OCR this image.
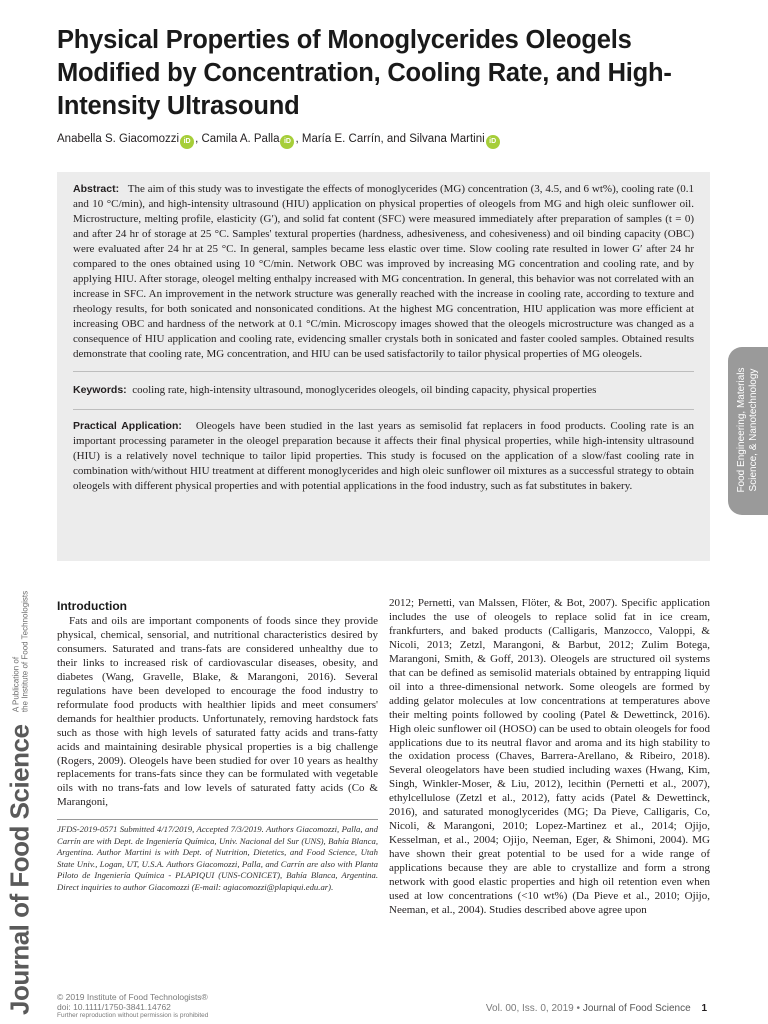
Physical Properties of Monoglycerides Oleogels Modified by Concentration, Cooling Rate, and High-Intensity Ultrasound
Anabella S. Giacomozzi iD , Camila A. Palla iD , María E. Carrín, and Silvana Martini iD

Abstract: The aim of this study was to investigate the effects of monoglycerides (MG) concentration (3, 4.5, and 6 wt%), cooling rate (0.1 and 10 °C/min), and high-intensity ultrasound (HIU) application on physical properties of oleogels from MG and high oleic sunflower oil. Microstructure, melting profile, elasticity (G′), and solid fat content (SFC) were measured immediately after preparation of samples (t = 0) and after 24 hr of storage at 25 °C. Samples' textural properties (hardness, adhesiveness, and cohesiveness) and oil binding capacity (OBC) were evaluated after 24 hr at 25 °C. In general, samples became less elastic over time. Slow cooling rate resulted in lower G′ after 24 hr compared to the ones obtained using 10 °C/min. Network OBC was improved by increasing MG concentration and cooling rate, and by applying HIU. After storage, oleogel melting enthalpy increased with MG concentration. In general, this behavior was not correlated with an increase in SFC. An improvement in the network structure was generally reached with the increase in cooling rate, according to texture and rheology results, for both sonicated and nonsonicated conditions. At the highest MG concentration, HIU application was more efficient at increasing OBC and hardness of the network at 0.1 °C/min. Microscopy images showed that the oleogels microstructure was changed as a consequence of HIU application and cooling rate, evidencing smaller crystals both in sonicated and faster cooled samples. Obtained results demonstrate that cooling rate, MG concentration, and HIU can be used satisfactorily to tailor physical properties of MG oleogels.

Keywords: cooling rate, high-intensity ultrasound, monoglycerides oleogels, oil binding capacity, physical properties

Practical Application: Oleogels have been studied in the last years as semisolid fat replacers in food products. Cooling rate is an important processing parameter in the oleogel preparation because it affects their final physical properties, while high-intensity ultrasound (HIU) is a relatively novel technique to tailor lipid properties. This study is focused on the application of a slow/fast cooling rate in combination with/without HIU treatment at different monoglycerides and high oleic sunflower oil mixtures as a successful strategy to obtain oleogels with different physical properties and with potential applications in the food industry, such as fat substitutes in bakery.	Food Engineering, Materials Science, & Nanotechnology
Journal of Food Science A Publication of
the Institute of Food Technologists	Introduction

Fats and oils are important components of foods since they provide physical, chemical, sensorial, and nutritional characteristics desired by consumers. Saturated and trans-fats are considered unhealthy due to their links to increased risk of cardiovascular diseases, obesity, and diabetes (Wang, Gravelle, Blake, & Marangoni, 2016). Several regulations have been developed to encourage the food industry to reformulate food products with healthier lipids and meet consumers' demands for healthier products. Unfortunately, removing hardstock fats such as those with high levels of saturated fatty acids and trans-fatty acids and maintaining desirable physical properties is a big challenge (Rogers, 2009). Oleogels have been studied for over 10 years as healthy replacements for trans-fats since they can be formulated with vegetable oils with no trans-fats and low levels of saturated fatty acids (Co & Marangoni,

JFDS-2019-0571 Submitted 4/17/2019, Accepted 7/3/2019. Authors Giacomozzi, Palla, and Carrín are with Dept. de Ingeniería Química, Univ. Nacional del Sur (UNS), Bahía Blanca, Argentina. Author Martini is with Dept. of Nutrition, Dietetics, and Food Science, Utah State Univ., Logan, UT, U.S.A. Authors Giacomozzi, Palla, and Carrín are also with Planta Piloto de Ingeniería Química - PLAPIQUI (UNS-CONICET), Bahía Blanca, Argentina. Direct inquiries to author Giacomozzi (E-mail: agiacomozzi@plapiqui.edu.ar).

2012; Pernetti, van Malssen, Flöter, & Bot, 2007). Specific application includes the use of oleogels to replace solid fat in ice cream, frankfurters, and baked products (Calligaris, Manzocco, Valoppi, & Nicoli, 2013; Zetzl, Marangoni, & Barbut, 2012; Zulim Botega, Marangoni, Smith, & Goff, 2013). Oleogels are structured oil systems that can be defined as semisolid materials obtained by entrapping liquid oil into a three-dimensional network. Some oleogels are formed by adding gelator molecules at low concentrations at temperatures above their melting points followed by cooling (Patel & Dewettinck, 2016). High oleic sunflower oil (HOSO) can be used to obtain oleogels for food applications due to its neutral flavor and aroma and its high stability to the oxidation process (Chaves, Barrera-Arellano, & Ribeiro, 2018). Several oleogelators have been studied including waxes (Hwang, Kim, Singh, Winkler-Moser, & Liu, 2012), lecithin (Pernetti et al., 2007), ethylcellulose (Zetzl et al., 2012), fatty acids (Patel & Dewettinck, 2016), and saturated monoglycerides (MG; Da Pieve, Calligaris, Co, Nicoli, & Marangoni, 2010; Lopez-Martinez et al., 2014; Ojijo, Kesselman, et al., 2004; Ojijo, Neeman, Eger, & Shimoni, 2004). MG have shown their great potential to be used for a wide range of applications because they are able to crystallize and form a strong network with good elastic properties and high oil retention even when used at low concentrations (<10 wt%) (Da Pieve et al., 2010; Ojijo, Neeman, et al., 2004). Studies described above agree upon

© 2019 Institute of Food Technologists®
doi: 10.1111/1750-3841.14762
Further reproduction without permission is prohibited
Vol. 00, Iss. 0, 2019 • Journal of Food Science 1
